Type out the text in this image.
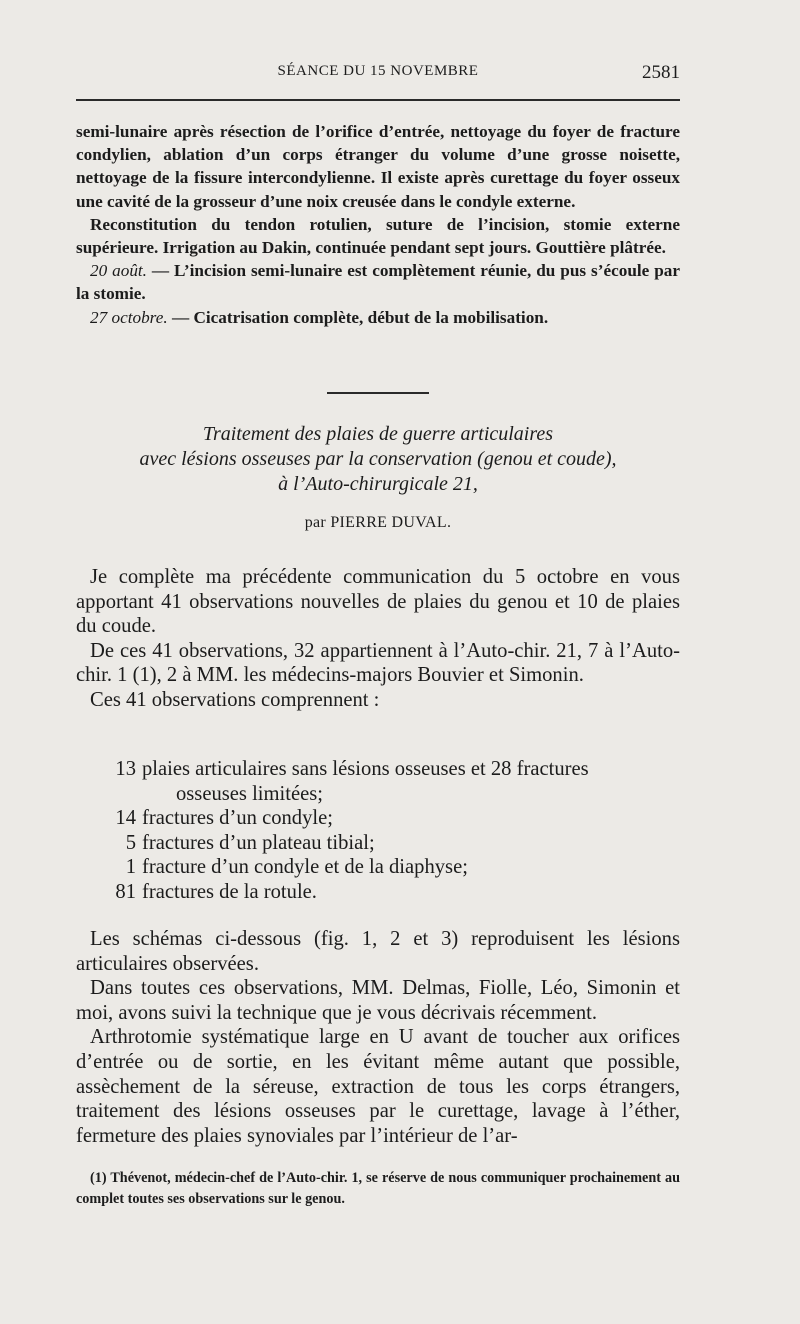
SÉANCE DU 15 NOVEMBRE	2581

semi-lunaire après résection de l’orifice d’entrée, nettoyage du foyer de fracture condylien, ablation d’un corps étranger du volume d’une grosse noisette, nettoyage de la fissure intercondylienne. Il existe après curettage du foyer osseux une cavité de la grosseur d’une noix creusée dans le condyle externe.

Reconstitution du tendon rotulien, suture de l’incision, stomie externe supérieure. Irrigation au Dakin, continuée pendant sept jours. Gouttière plâtrée.

20 août. — L’incision semi-lunaire est complètement réunie, du pus s’écoule par la stomie.

27 octobre. — Cicatrisation complète, début de la mobilisation.

Traitement des plaies de guerre articulaires
avec lésions osseuses par la conservation (genou et coude),
à l’Auto-chirurgicale 21,
par PIERRE DUVAL.

Je complète ma précédente communication du 5 octobre en vous apportant 41 observations nouvelles de plaies du genou et 10 de plaies du coude.

De ces 41 observations, 32 appartiennent à l’Auto-chir. 21, 7 à l’Auto-chir. 1 (1), 2 à MM. les médecins-majors Bouvier et Simonin.

Ces 41 observations comprennent :

13 plaies articulaires sans lésions osseuses et 28 fractures
osseuses limitées;
14 fractures d’un condyle;
5 fractures d’un plateau tibial;
1 fracture d’un condyle et de la diaphyse;
81 fractures de la rotule.

Les schémas ci-dessous (fig. 1, 2 et 3) reproduisent les lésions articulaires observées.

Dans toutes ces observations, MM. Delmas, Fiolle, Léo, Simonin et moi, avons suivi la technique que je vous décrivais récemment.

Arthrotomie systématique large en U avant de toucher aux orifices d’entrée ou de sortie, en les évitant même autant que possible, assèchement de la séreuse, extraction de tous les corps étrangers, traitement des lésions osseuses par le curettage, lavage à l’éther, fermeture des plaies synoviales par l’intérieur de l’ar-

(1) Thévenot, médecin-chef de l’Auto-chir. 1, se réserve de nous communiquer prochainement au complet toutes ses observations sur le genou.
